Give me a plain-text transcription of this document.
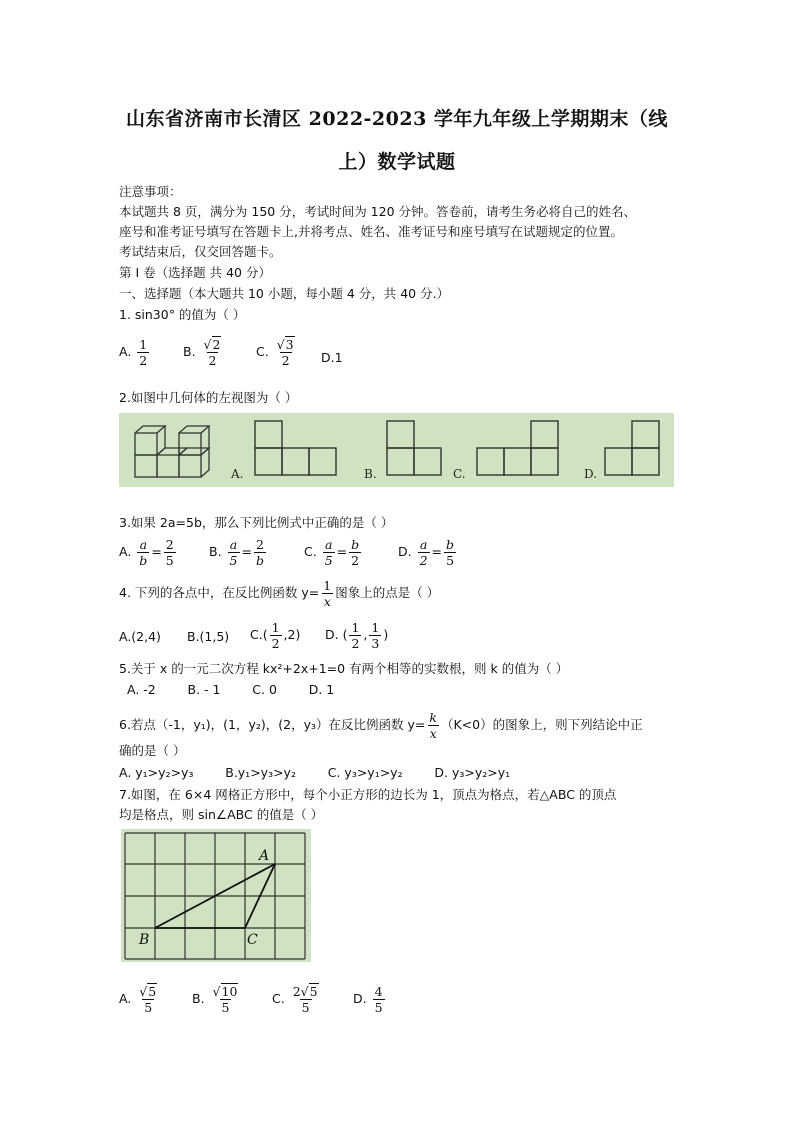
山东省济南市长清区 2022-2023 学年九年级上学期期末（线
上）数学试题
注意事项：
本试题共 8 页，满分为 150 分，考试时间为 120 分钟。答卷前，请考生务必将自己的姓名、
座号和准考证号填写在答题卡上,并将考点、姓名、准考证号和座号填写在试题规定的位置。
考试结束后，仅交回答题卡。
第 I 卷（选择题 共 40 分）
一、选择题（本大题共 10 小题，每小题 4 分，共 40 分.）
1. sin30° 的值为（ ）
A. $\frac{1}{2}$	B. $\frac{√2}{2}$	C. $\frac{√3}{2} D.1$
2.如图中几何体的左视图为（ ）
A.	B.	C.	D.
3.如果 2a=5b，那么下列比例式中正确的是（ ）
A. $\frac{a}{b} = \frac{2}{5}$	B. $\frac{a}{5} = \frac{2}{b}$	C. $\frac{a}{5} = \frac{b}{2}$	D. $\frac{a}{2} = \frac{b}{5}$
4. 下列的各点中，在反比例函数 $y= \frac{1}{x}$ 图象上的点是（ ）
A.(2,4) B.(1,5) $C.( \frac{1}{2} ,2)$ D. ( $\frac{1}{2}$ , $\frac{1}{3}$ )
5.关于 x 的一元二次方程 kx²+2x+1=0 有两个相等的实数根，则 k 的值为（ ）
A. -2        B. - 1        C. 0        D. 1
6.若点（-1，y₁)，(1，y₂)，(2，y₃）在反比例函数 $y= \frac{k}{x} (K<0)$的图象上，则下列结论中正
确的是（ ）
A. y₁>y₂>y₃        B.y₁>y₃>y₂        C. y₃>y₁>y₂        D. y₃>y₂>y₁
7.如图，在 6×4 网格正方形中，每个小正方形的边长为 1，顶点为格点，若△ABC 的顶点
均是格点，则 sin∠ABC 的值是（ ）
A
B	C
A. $\frac{√5}{5}$	B. $\frac{√10}{5}$	C. $\frac{2√5}{5}$	D. $\frac{4}{5}$
